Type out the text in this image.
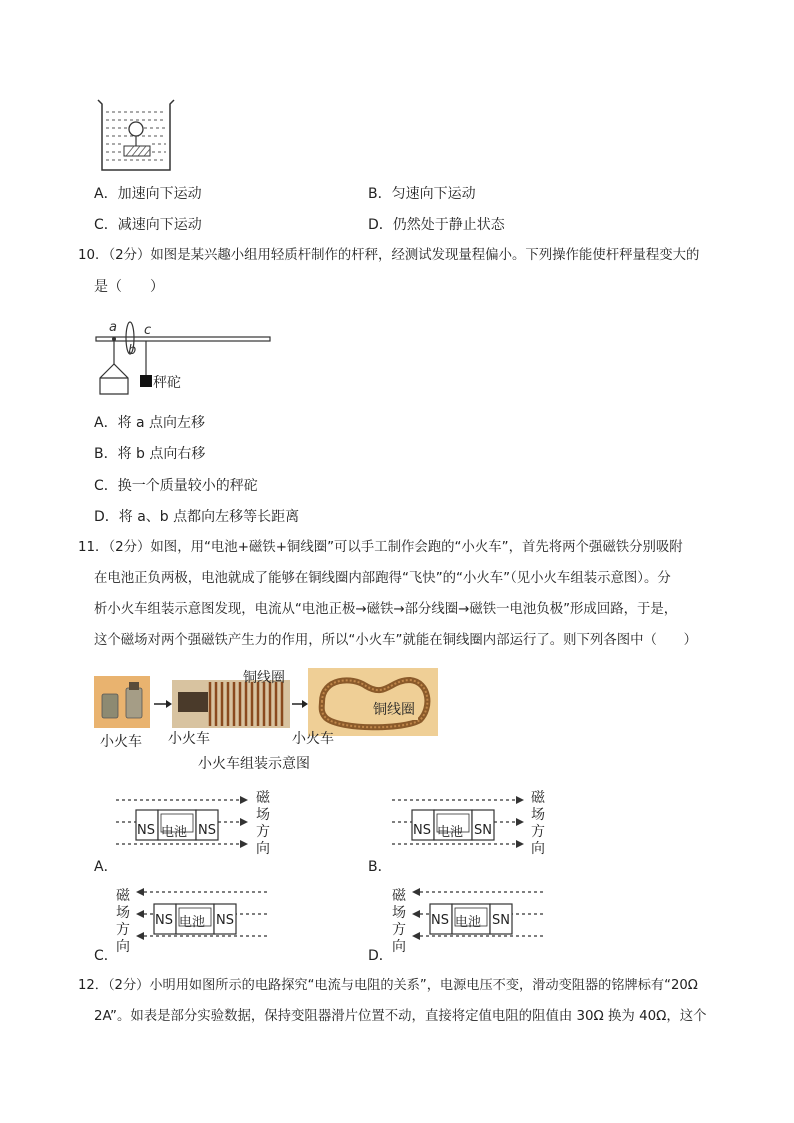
A．加速向下运动	B．匀速向下运动
C．减速向下运动	D．仍然处于静止状态
10．（2分）如图是某兴趣小组用轻质杆制作的杆秤，经测试发现量程偏小。下列操作能使杆秤量程变大的
是（　　）
a
b
c
秤砣
A．将 a 点向左移
B．将 b 点向右移
C．换一个质量较小的秤砣
D．将 a、b 点都向左移等长距离
11．（2分）如图，用“电池+磁铁+铜线圈”可以手工制作会跑的“小火车”，首先将两个强磁铁分别吸附
在电池正负两极，电池就成了能够在铜线圈内部跑得“飞快”的“小火车”（见小火车组装示意图）。分
析小火车组装示意图发现，电流从“电池正极→磁铁→部分线圈→磁铁一电池负极”形成回路，于是，
这个磁场对两个强磁铁产生力的作用，所以“小火车”就能在铜线圈内部运行了。则下列各图中（　　）
铜线圈
铜线圈
小火车 小火车	小火车
小火车组装示意图
NS 电池 NS
磁
场
方
向
A．
NS 电池 SN
磁
场
方
向
B．
磁
场
方
向
NS 电池 NS
C．
磁
场
方
向
NS 电池 SN
D．
12．（2分）小明用如图所示的电路探究“电流与电阻的关系”，电源电压不变，滑动变阻器的铭牌标有“20Ω
2A”。如表是部分实验数据，保持变阻器滑片位置不动，直接将定值电阻的阻值由 30Ω 换为 40Ω，这个
